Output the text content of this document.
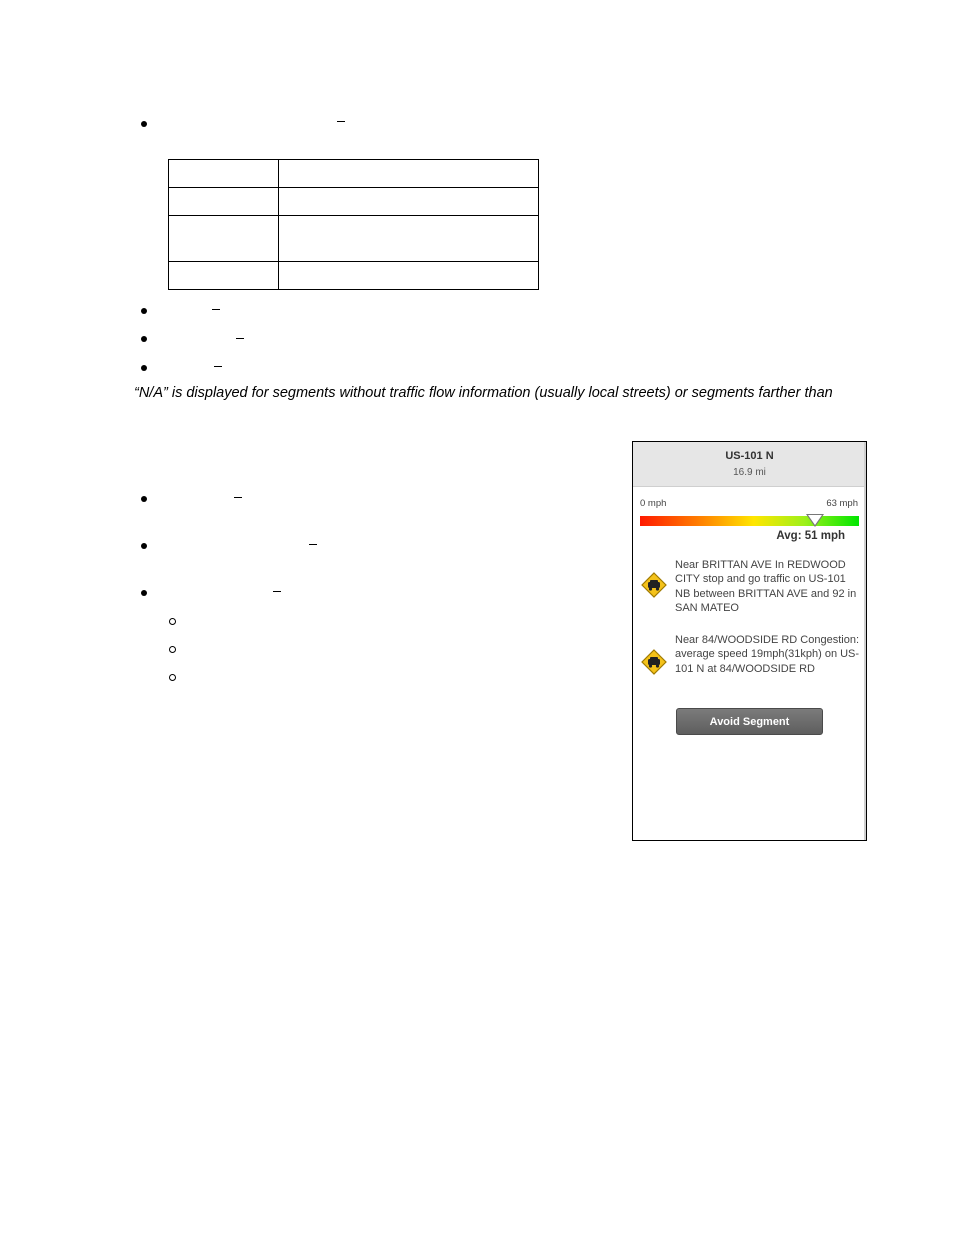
“N/A” is displayed for segments without traffic flow information (usually local streets) or segments farther than
US-101 N
16.9 mi
0 mph	63 mph
Avg: 51 mph
Near BRITTAN AVE In REDWOOD CITY stop and go traffic on US-101 NB between BRITTAN AVE and 92 in SAN MATEO
Near 84/WOODSIDE RD Congestion: average speed 19mph(31kph) on US-101 N at 84/WOODSIDE RD
Avoid Segment
